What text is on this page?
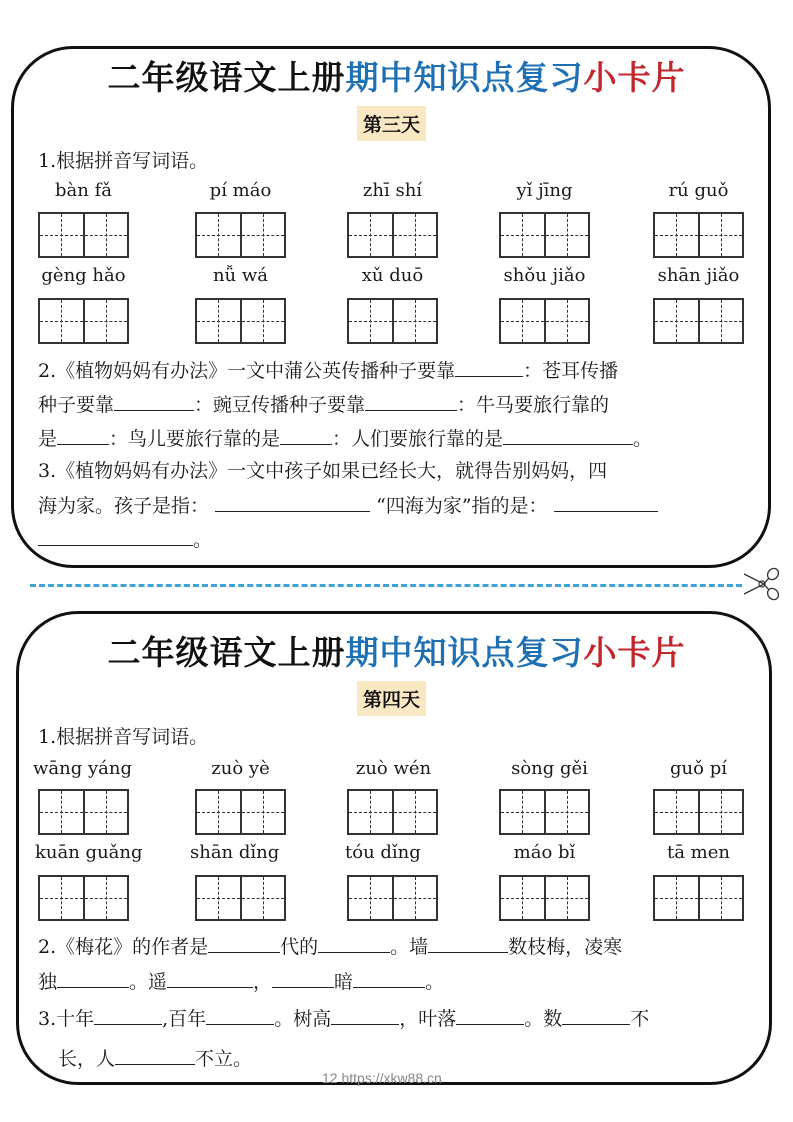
二年级语文上册期中知识点复习小卡片
第三天
1.根据拼音写词语。
bàn fǎ	pí máo	zhī shí	yǐ jīng	rú guǒ
gèng hǎo	nǚ wá	xǔ duō	shǒu jiǎo	shān jiǎo
2.《植物妈妈有办法》一文中蒲公英传播种子要靠	：苍耳传播
种子要靠	：豌豆传播种子要靠	：牛马要旅行靠的
是	：鸟儿要旅行靠的是	：人们要旅行靠的是	。
3.《植物妈妈有办法》一文中孩子如果已经长大，就得告别妈妈，四
海为家。孩子是指：	“四海为家”指的是：
。
二年级语文上册期中知识点复习小卡片
第四天
1.根据拼音写词语。
wāng yáng	zuò yè	zuò wén	sòng gěi	guǒ pí
kuān guǎng	shān dǐng	tóu dǐng	máo bǐ	tā men
2.《梅花》的作者是	代的	。墙	数枝梅，凌寒
独	。遥	，	暗	。
3.十年	,百年	。树高	，叶落	。数	不
长，人	不立。
12 https://xkw88.cn
